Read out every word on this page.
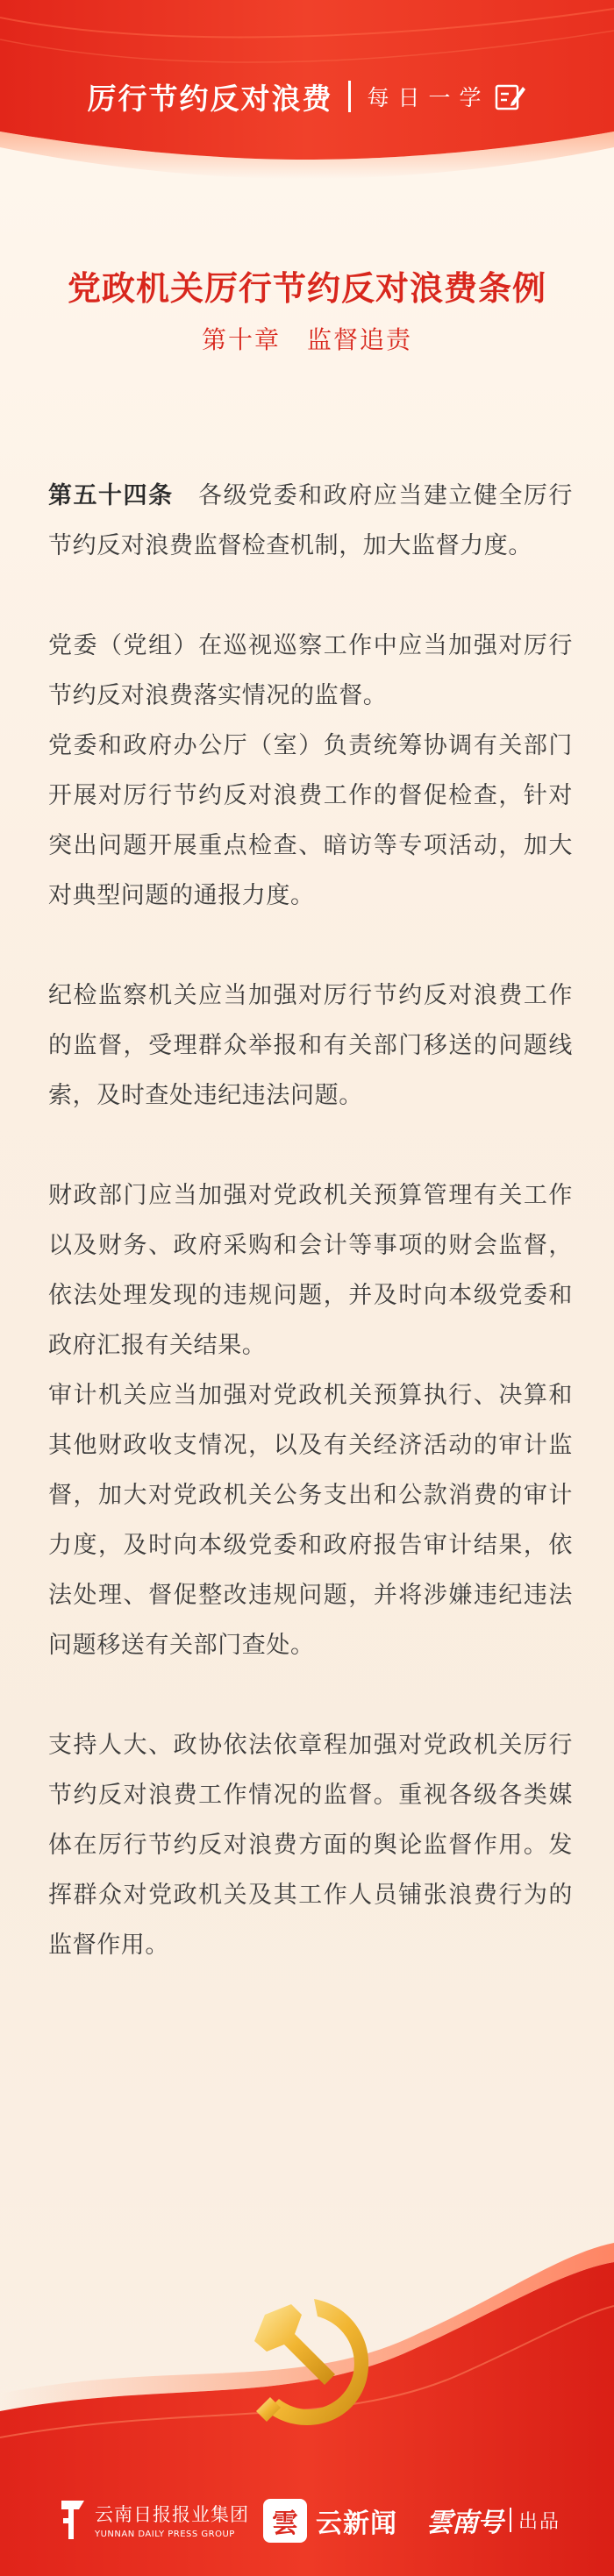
厉行节约反对浪费 每日一学
党政机关厉行节约反对浪费条例
第十章 监督追责

第五十四条　 各级党委和政府应当建立健全厉行节约反对浪费监督检查机制，加大监督力度。

党委（党组）在巡视巡察工作中应当加强对厉行节约反对浪费落实情况的监督。

党委和政府办公厅（室）负责统筹协调有关部门开展对厉行节约反对浪费工作的督促检查，针对突出问题开展重点检查、暗访等专项活动，加大对典型问题的通报力度。

纪检监察机关应当加强对厉行节约反对浪费工作的监督，受理群众举报和有关部门移送的问题线索，及时查处违纪违法问题。

财政部门应当加强对党政机关预算管理有关工作以及财务、政府采购和会计等事项的财会监督，依法处理发现的违规问题，并及时向本级党委和政府汇报有关结果。

审计机关应当加强对党政机关预算执行、决算和其他财政收支情况，以及有关经济活动的审计监督，加大对党政机关公务支出和公款消费的审计力度，及时向本级党委和政府报告审计结果，依法处理、督促整改违规问题，并将涉嫌违纪违法问题移送有关部门查处。

支持人大、政协依法依章程加强对党政机关厉行节约反对浪费工作情况的监督。重视各级各类媒体在厉行节约反对浪费方面的舆论监督作用。发挥群众对党政机关及其工作人员铺张浪费行为的监督作用。

云南日报报业集团
YUNNAN DAILY PRESS GROUP	雲 云新闻 雲南号 出品
